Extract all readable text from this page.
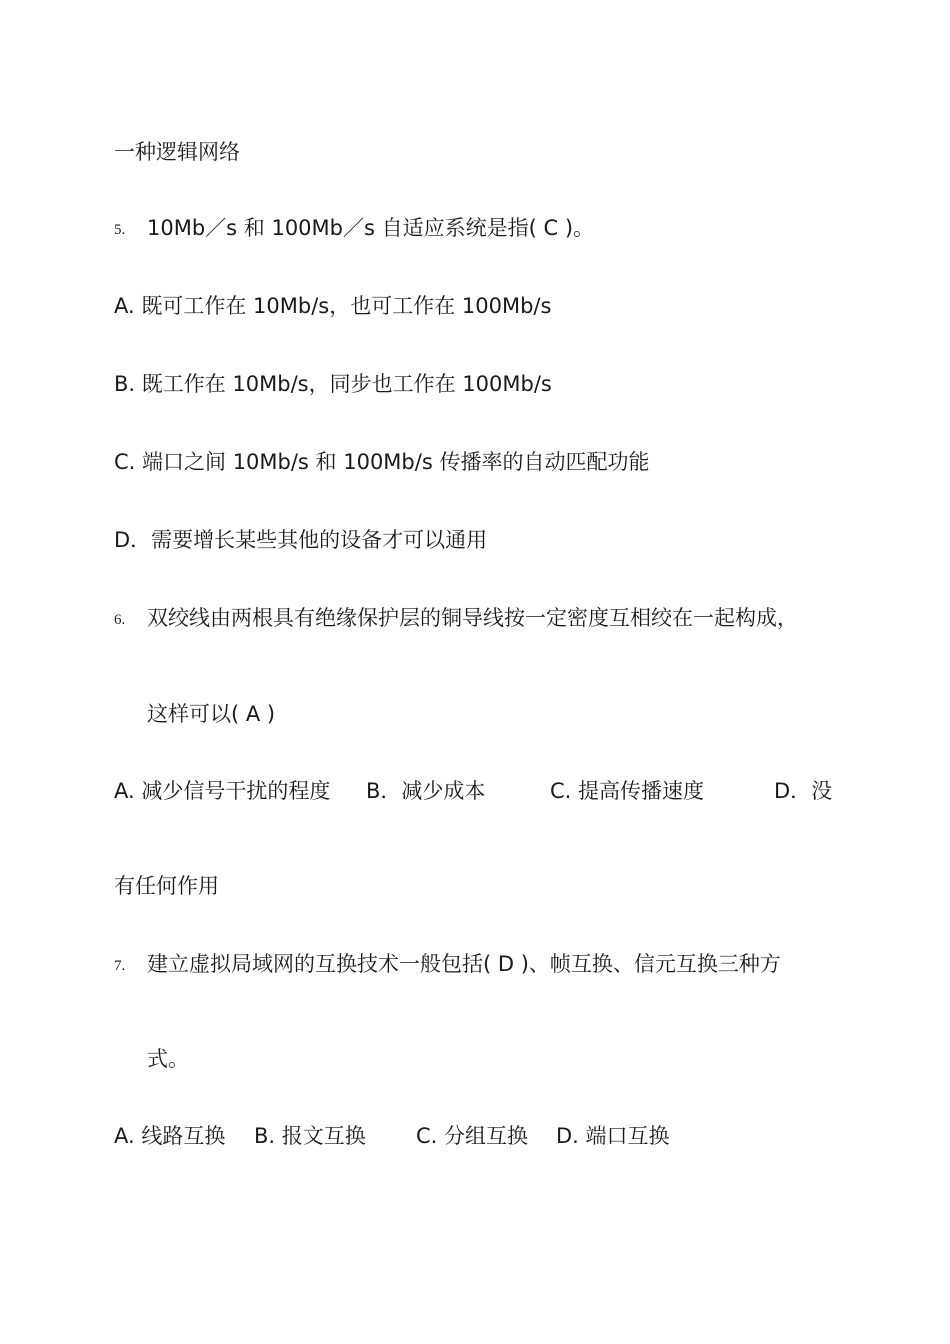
一种逻辑网络
5. 10Mb／s 和 100Mb／s 自适应系统是指( C )。
A. 既可工作在 10Mb/s，也可工作在 100Mb/s
B. 既工作在 10Mb/s，同步也工作在 100Mb/s
C. 端口之间 10Mb/s 和 100Mb/s 传播率的自动匹配功能
D．需要增长某些其他的设备才可以通用
6. 双绞线由两根具有绝缘保护层的铜导线按一定密度互相绞在一起构成，
这样可以( A )
A. 减少信号干扰的程度 B．减少成本	C. 提高传播速度	D．没
有任何作用
7. 建立虚拟局域网的互换技术一般包括( D )、帧互换、信元互换三种方
式。
A. 线路互换 B. 报文互换 C. 分组互换 D. 端口互换
